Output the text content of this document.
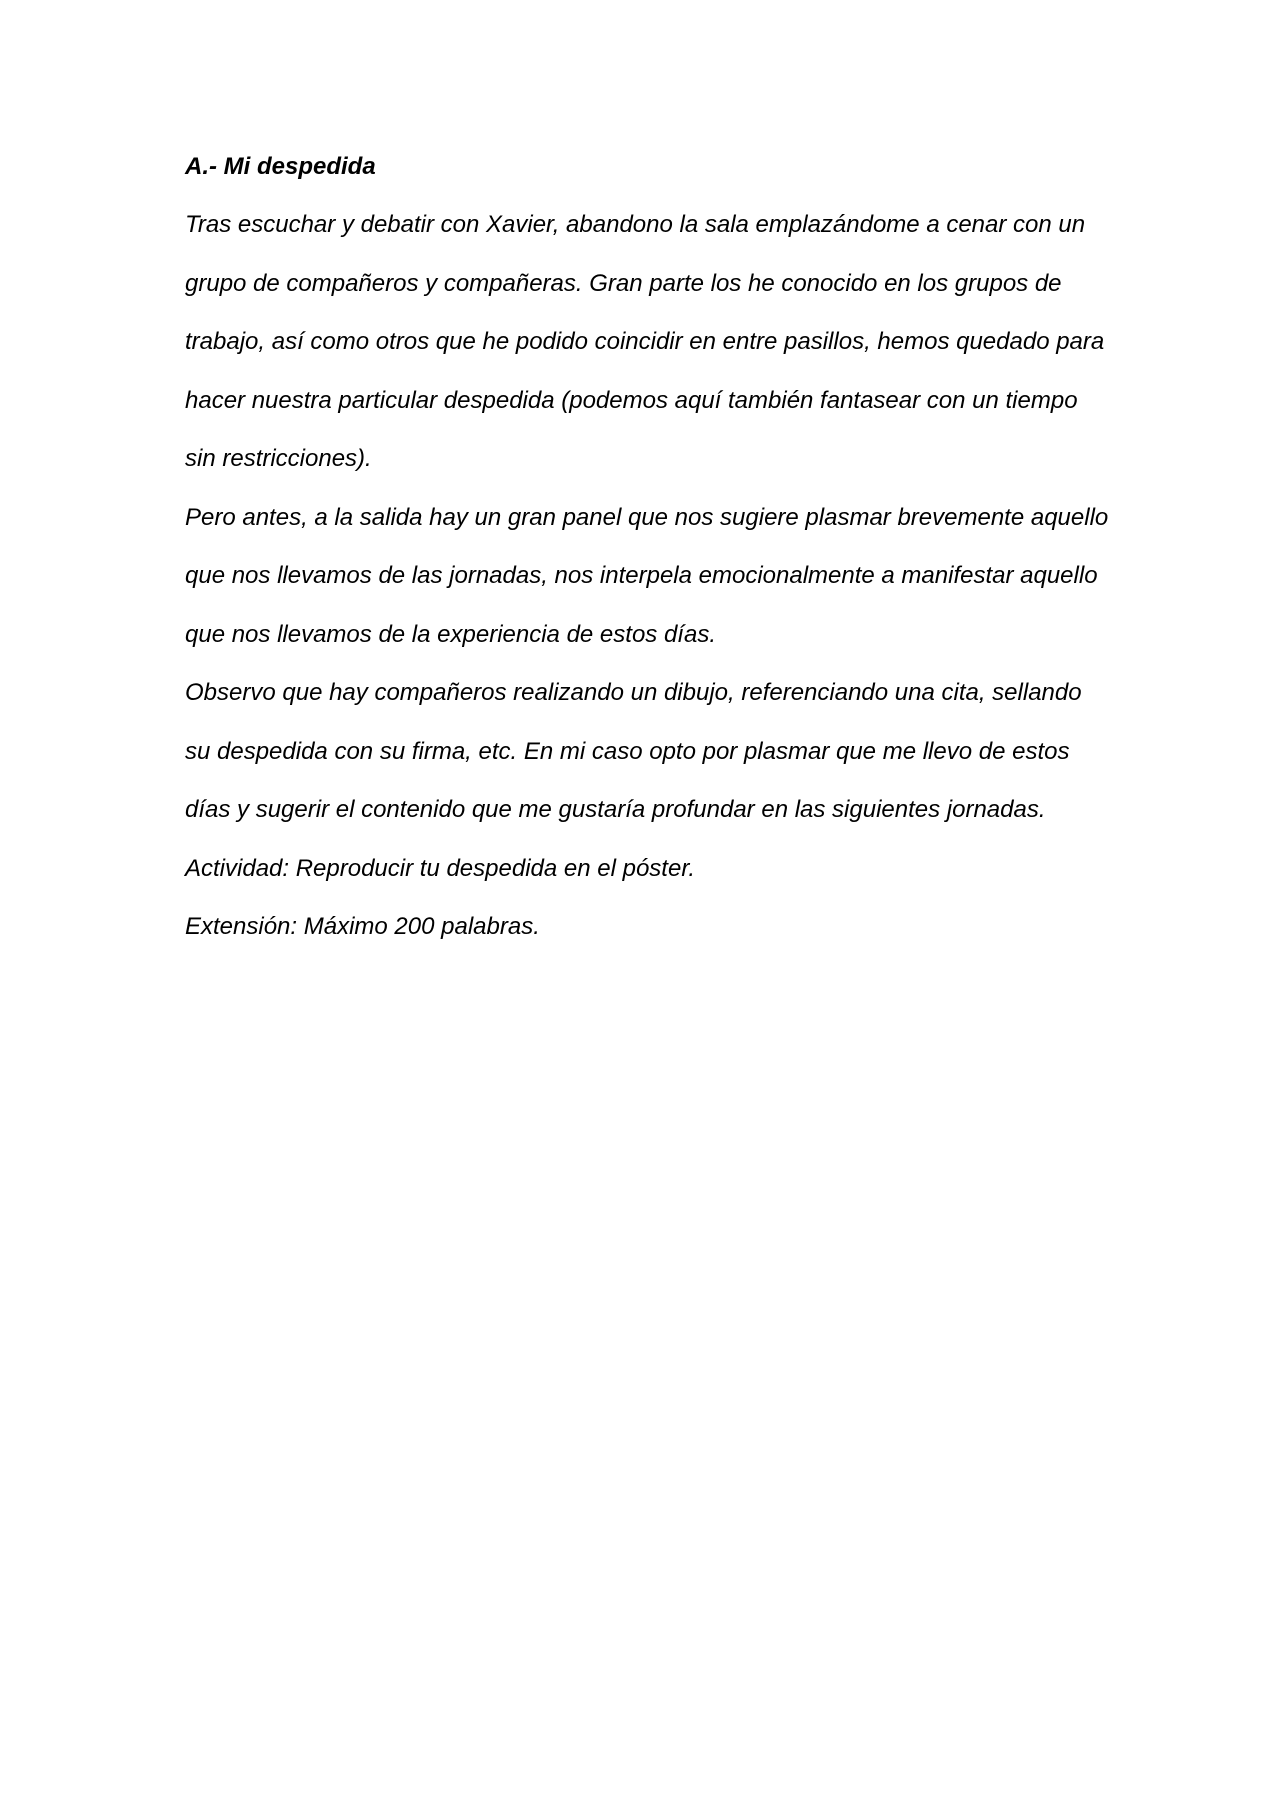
A.- Mi despedida
Tras escuchar y debatir con Xavier, abandono la sala emplazándome a cenar con un
grupo de compañeros y compañeras. Gran parte los he conocido en los grupos de
trabajo, así como otros que he podido coincidir en entre pasillos, hemos quedado para
hacer nuestra particular despedida (podemos aquí también fantasear con un tiempo
sin restricciones).
Pero antes, a la salida hay un gran panel que nos sugiere plasmar brevemente aquello
que nos llevamos de las jornadas, nos interpela emocionalmente a manifestar aquello
que nos llevamos de la experiencia de estos días.
Observo que hay compañeros realizando un dibujo, referenciando una cita, sellando
su despedida con su firma, etc. En mi caso opto por plasmar que me llevo de estos
días y sugerir el contenido que me gustaría profundar en las siguientes jornadas.
Actividad: Reproducir tu despedida en el póster.
Extensión: Máximo 200 palabras.
